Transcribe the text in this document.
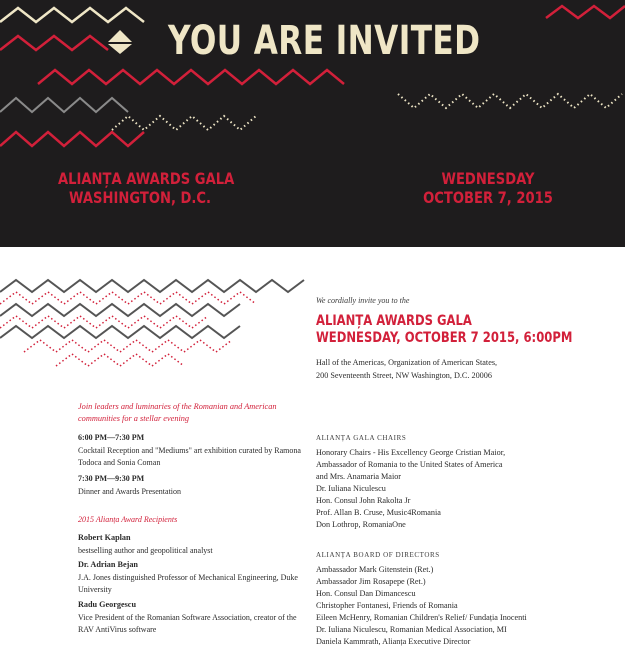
YOU ARE INVITED
ALIANȚA AWARDS GALA
WASHINGTON, D.C.
WEDNESDAY
OCTOBER 7, 2015
We cordially invite you to the
ALIANȚA AWARDS GALA
WEDNESDAY, OCTOBER 7 2015, 6:00PM
Hall of the Americas, Organization of American States,
200 Seventeenth Street, NW Washington, D.C. 20006
Join leaders and luminaries of the Romanian and American communities for a stellar evening
6:00 PM—7:30 PM
Cocktail Reception and "Mediums" art exhibition curated by Ramona Todoca and Sonia Coman
7:30 PM—9:30 PM
Dinner and Awards Presentation
2015 Alianța Award Recipients
Robert Kaplan
bestselling author and geopolitical analyst
Dr. Adrian Bejan
J.A. Jones distinguished Professor of Mechanical Engineering, Duke University
Radu Georgescu
Vice President of the Romanian Software Association, creator of the RAV AntiVirus software
ALIANȚA GALA CHAIRS
Honorary Chairs - His Excellency George Cristian Maior,
Ambassador of Romania to the United States of America
and Mrs. Anamaria Maior
Dr. Iuliana Niculescu
Hon. Consul John Rakolta Jr
Prof. Allan B. Cruse, Music4Romania
Don Lothrop, RomaniaOne
ALIANȚA BOARD OF DIRECTORS
Ambassador Mark Gitenstein (Ret.)
Ambassador Jim Rosapepe (Ret.)
Hon. Consul Dan Dimancescu
Christopher Fontanesi, Friends of Romania
Eileen McHenry, Romanian Children's Relief/ Fundația Inocenti
Dr. Iuliana Niculescu, Romanian Medical Association, MI
Daniela Kammrath, Alianța Executive Director
